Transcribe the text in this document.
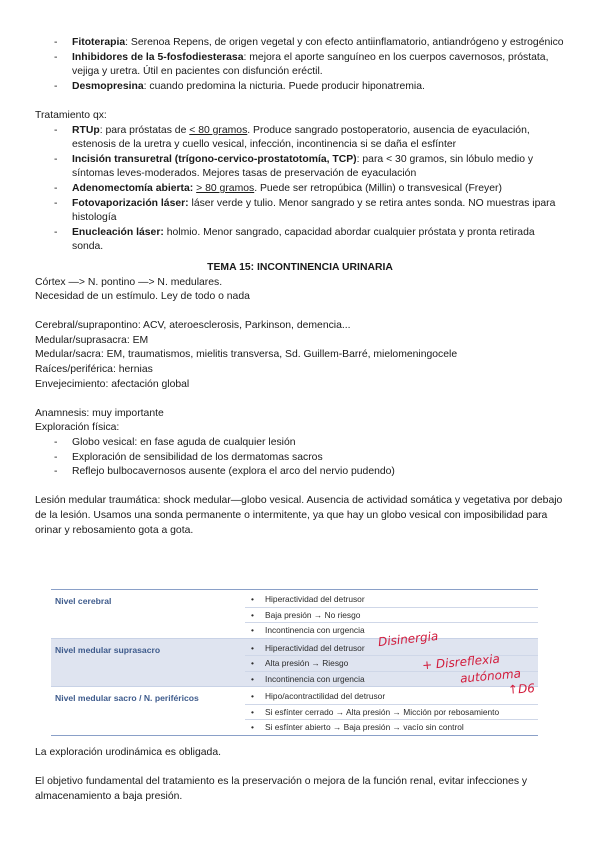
- Fitoterapia: Serenoa Repens, de origen vegetal y con efecto antiinflamatorio, antiandrógeno y estrogénico
- Inhibidores de la 5-fosfodiesterasa: mejora el aporte sanguíneo en los cuerpos cavernosos, próstata, vejiga y uretra. Útil en pacientes con disfunción eréctil.
- Desmopresina: cuando predomina la nicturia. Puede producir hiponatremia.

Tratamiento qx:

- RTUp: para próstatas de < 80 gramos. Produce sangrado postoperatorio, ausencia de eyaculación, estenosis de la uretra y cuello vesical, infección, incontinencia si se daña el esfínter
- Incisión transuretral (trígono-cervico-prostatotomía, TCP): para < 30 gramos, sin lóbulo medio y síntomas leves-moderados. Mejores tasas de preservación de eyaculación
- Adenomectomía abierta: > 80 gramos. Puede ser retropúbica (Millin) o transvesical (Freyer)
- Fotovaporización láser: láser verde y tulio. Menor sangrado y se retira antes sonda. NO muestras ipara histología
- Enucleación láser: holmio. Menor sangrado, capacidad abordar cualquier próstata y pronta retirada sonda.

TEMA 15: INCONTINENCIA URINARIA

Córtex —> N. pontino —> N. medulares.

Necesidad de un estímulo. Ley de todo o nada

Cerebral/suprapontino: ACV, ateroesclerosis, Parkinson, demencia...

Medular/suprasacra: EM

Medular/sacra: EM, traumatismos, mielitis transversa, Sd. Guillem-Barré, mielomeningocele

Raíces/periférica: hernias

Envejecimiento: afectación global

Anamnesis: muy importante

Exploración física:

- Globo vesical: en fase aguda de cualquier lesión
- Exploración de sensibilidad de los dermatomas sacros
- Reflejo bulbocavernosos ausente (explora el arco del nervio pudendo)

Lesión medular traumática: shock medular—globo vesical. Ausencia de actividad somática y vegetativa por debajo de la lesión. Usamos una sonda permanente o intermitente, ya que hay un globo vesical con imposibilidad para orinar y rebosamiento gota a gota.

Nivel cerebral	• Hiperactividad del detrusor
• Baja presión → No riesgo
• Incontinencia con urgencia
Nivel medular suprasacro	• Hiperactividad del detrusor
• Alta presión → Riesgo
• Incontinencia con urgencia
Nivel medular sacro / N. periféricos	• Hipo/acontractilidad del detrusor
• Si esfínter cerrado → Alta presión → Micción por rebosamiento
• Si esfínter abierto → Baja presión → vacío sin control
Disinergia
+ Disreflexia
autónoma
↑D6

La exploración urodinámica es obligada.

El objetivo fundamental del tratamiento es la preservación o mejora de la función renal, evitar infecciones y almacenamiento a baja presión.
